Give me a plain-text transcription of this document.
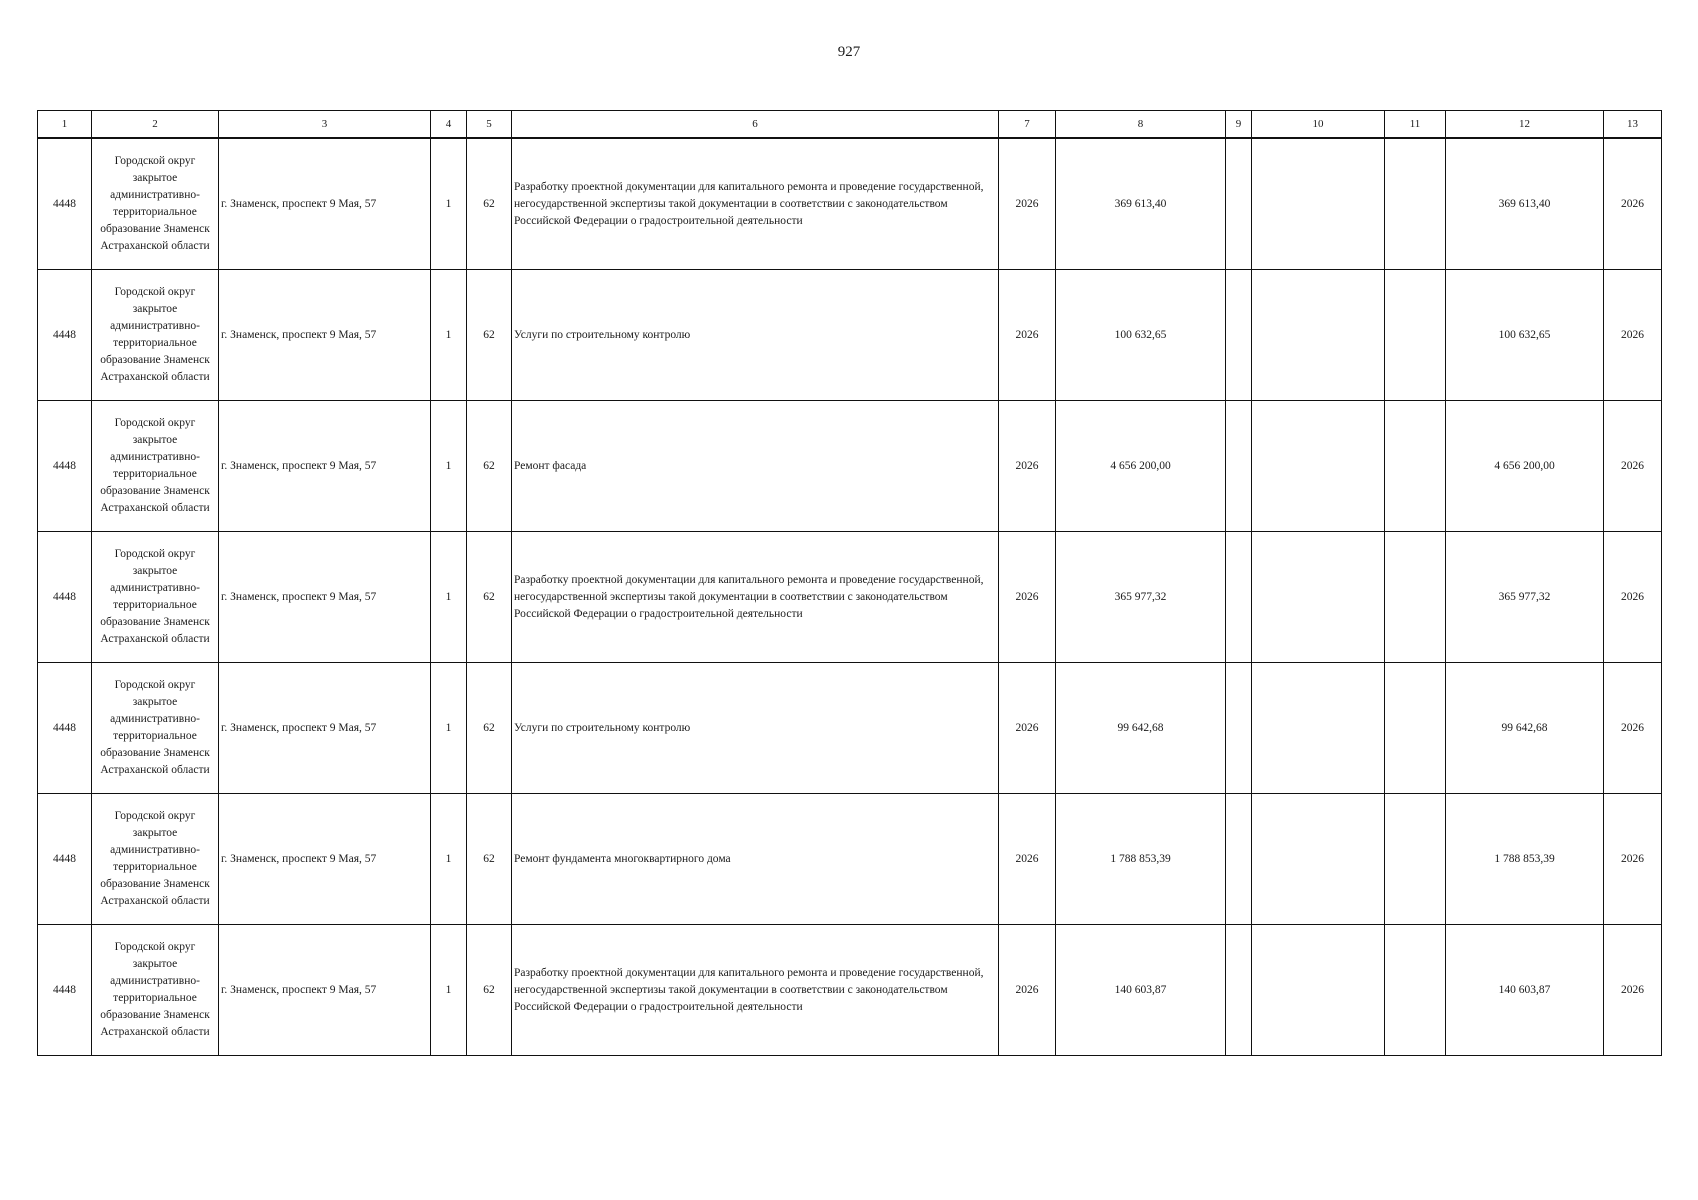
927
1	2	3	4	5	6	7	8	9	10	11	12	13
4448	Городской округ закрытое административно-территориальное образование Знаменск Астраханской области	г. Знаменск, проспект 9 Мая, 57	1	62	Разработку проектной документации для капитального ремонта и проведение государственной, негосударственной экспертизы такой документации в соответствии с законодательством Российской Федерации о градостроительной деятельности	2026	369 613,40				369 613,40	2026
4448	Городской округ закрытое административно-территориальное образование Знаменск Астраханской области	г. Знаменск, проспект 9 Мая, 57	1	62	Услуги по строительному контролю	2026	100 632,65				100 632,65	2026
4448	Городской округ закрытое административно-территориальное образование Знаменск Астраханской области	г. Знаменск, проспект 9 Мая, 57	1	62	Ремонт фасада	2026	4 656 200,00				4 656 200,00	2026
4448	Городской округ закрытое административно-территориальное образование Знаменск Астраханской области	г. Знаменск, проспект 9 Мая, 57	1	62	Разработку проектной документации для капитального ремонта и проведение государственной, негосударственной экспертизы такой документации в соответствии с законодательством Российской Федерации о градостроительной деятельности	2026	365 977,32				365 977,32	2026
4448	Городской округ закрытое административно-территориальное образование Знаменск Астраханской области	г. Знаменск, проспект 9 Мая, 57	1	62	Услуги по строительному контролю	2026	99 642,68				99 642,68	2026
4448	Городской округ закрытое административно-территориальное образование Знаменск Астраханской области	г. Знаменск, проспект 9 Мая, 57	1	62	Ремонт фундамента многоквартирного дома	2026	1 788 853,39				1 788 853,39	2026
4448	Городской округ закрытое административно-территориальное образование Знаменск Астраханской области	г. Знаменск, проспект 9 Мая, 57	1	62	Разработку проектной документации для капитального ремонта и проведение государственной, негосударственной экспертизы такой документации в соответствии с законодательством Российской Федерации о градостроительной деятельности	2026	140 603,87				140 603,87	2026
